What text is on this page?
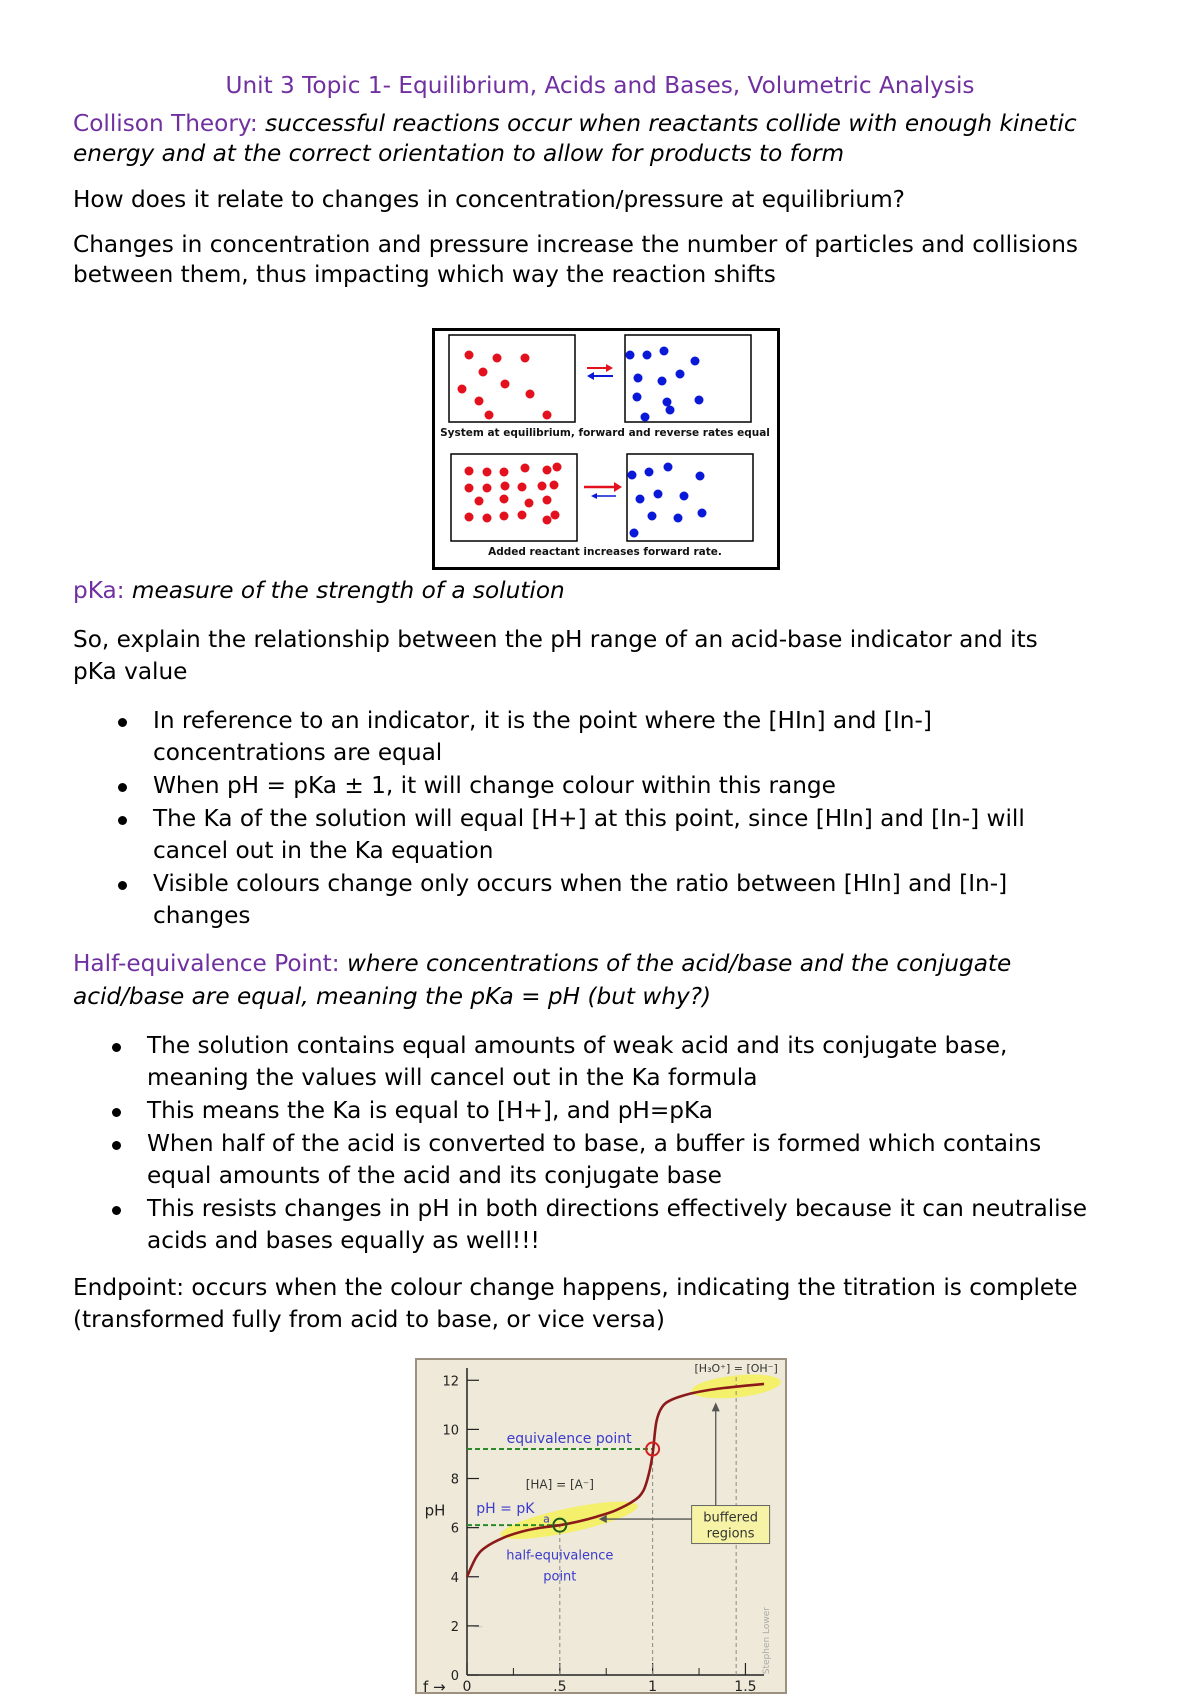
Unit 3 Topic 1- Equilibrium, Acids and Bases, Volumetric Analysis
Collison Theory: successful reactions occur when reactants collide with enough kinetic
energy and at the correct orientation to allow for products to form
How does it relate to changes in concentration/pressure at equilibrium?
Changes in concentration and pressure increase the number of particles and collisions
between them, thus impacting which way the reaction shifts
System at equilibrium, forward and reverse rates equal
Added reactant increases forward rate.
pKa: measure of the strength of a solution
So, explain the relationship between the pH range of an acid-base indicator and its
pKa value
In reference to an indicator, it is the point where the [HIn] and [In-]
concentrations are equal
When pH = pKa ± 1, it will change colour within this range
The Ka of the solution will equal [H+] at this point, since [HIn] and [In-] will
cancel out in the Ka equation
Visible colours change only occurs when the ratio between [HIn] and [In-]
changes
Half-equivalence Point: where concentrations of the acid/base and the conjugate
acid/base are equal, meaning the pKa = pH (but why?)
The solution contains equal amounts of weak acid and its conjugate base,
meaning the values will cancel out in the Ka formula
This means the Ka is equal to [H+], and pH=pKa
When half of the acid is converted to base, a buffer is formed which contains
equal amounts of the acid and its conjugate base
This resists changes in pH in both directions effectively because it can neutralise
acids and bases equally as well!!!
Endpoint: occurs when the colour change happens, indicating the titration is complete
(transformed fully from acid to base, or vice versa)
0
2
4
6
8
10
12
0	.5	1	1.5
equivalence point
[HA] = [A⁻]
pH = pK
a
half-equivalence
point
[H₃O⁺] = [OH⁻]
buffered
regions
pH
f →
Stephen Lower
—
